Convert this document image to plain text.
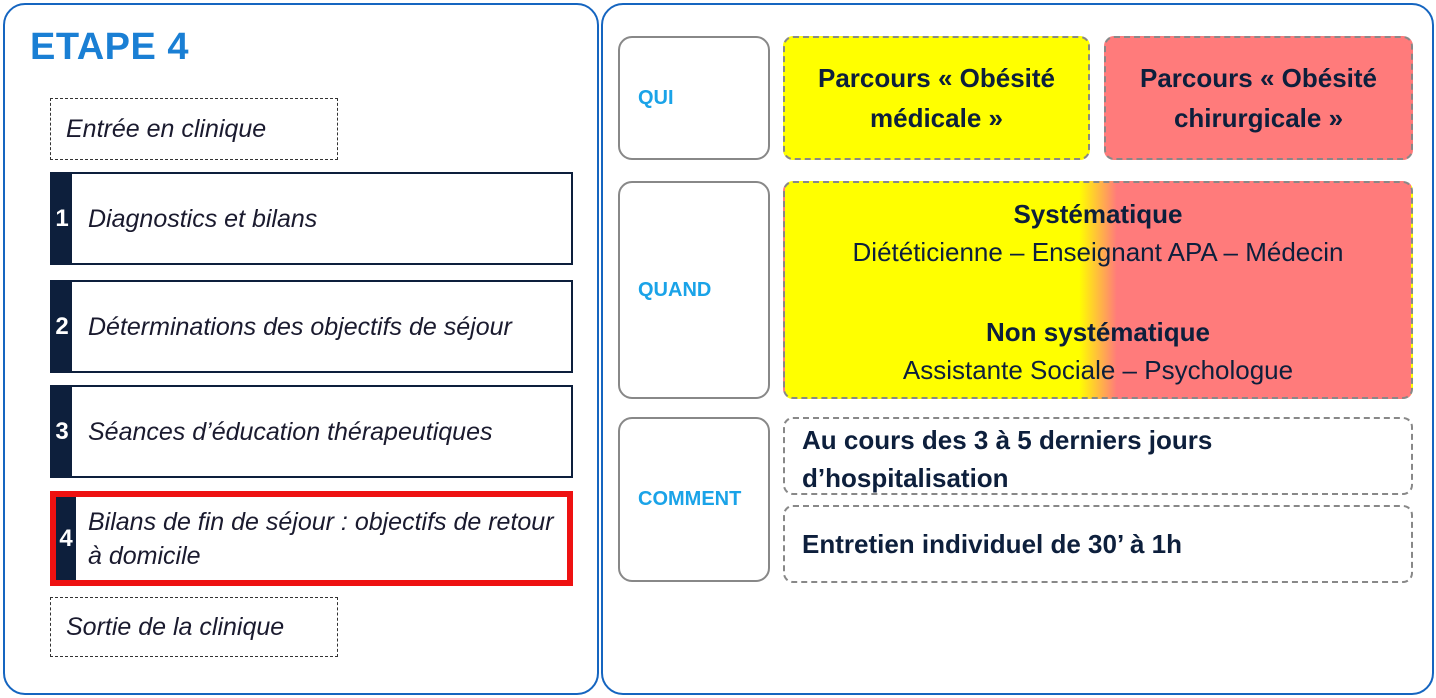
ETAPE 4
Entrée en clinique
1 Diagnostics et bilans
2 Déterminations des objectifs de séjour
3 Séances d’éducation thérapeutiques
4
Bilans de fin de séjour : objectifs de retour à domicile
Sortie de la clinique
QUI
QUAND
COMMENT
Parcours « Obésité médicale »
Parcours « Obésité chirurgicale »
Systématique
Diététicienne – Enseignant APA – Médecin
Non systématique
Assistante Sociale – Psychologue
Au cours des 3 à 5 derniers jours d’hospitalisation
Entretien individuel de 30’ à 1h
